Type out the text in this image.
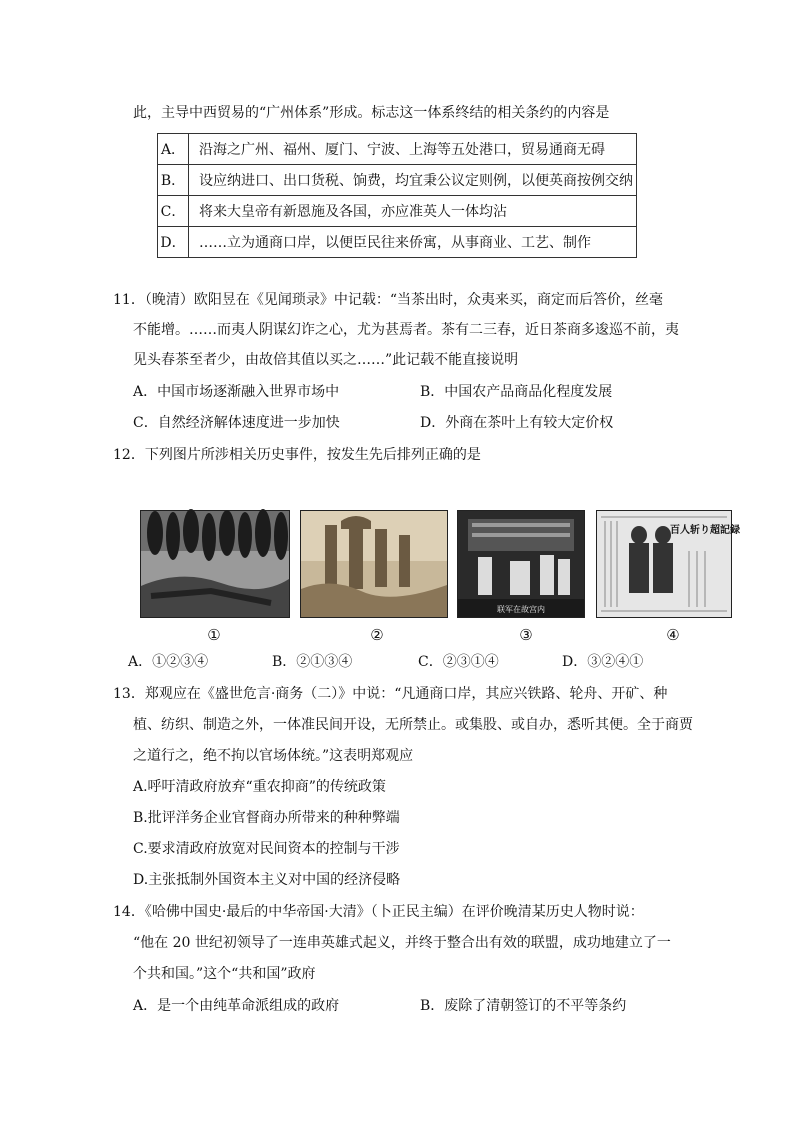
此，主导中西贸易的“广州体系”形成。标志这一体系终结的相关条约的内容是
A．	沿海之广州、福州、厦门、宁波、上海等五处港口，贸易通商无碍
B．	设应纳进口、出口货税、饷费，均宜秉公议定则例，以便英商按例交纳
C．	将来大皇帝有新恩施及各国，亦应准英人一体均沾
D．	……立为通商口岸，以便臣民往来侨寓，从事商业、工艺、制作
11．（晚清）欧阳昱在《见闻琐录》中记载：“当茶出时，众夷来买，商定而后答价，丝毫
不能增。……而夷人阴谋幻诈之心，尤为甚焉者。茶有二三春，近日茶商多逡巡不前，夷
见头春茶至者少，由故倍其值以买之……”此记载不能直接说明
A．中国市场逐渐融入世界市场中	B．中国农产品商品化程度发展
C．自然经济解体速度进一步加快	D．外商在茶叶上有较大定价权
12．下列图片所涉相关历史事件，按发生先后排列正确的是
联军在故宫内
百人斩り超記録
①	②	③	④
A．①②③④	B．②①③④	C．②③①④	D．③②④①
13．郑观应在《盛世危言·商务（二）》中说：“凡通商口岸，其应兴铁路、轮舟、开矿、种
植、纺织、制造之外，一体准民间开设，无所禁止。或集股、或自办，悉听其便。全于商贾
之道行之，绝不拘以官场体统。”这表明郑观应
A.呼吁清政府放弃“重农抑商”的传统政策
B.批评洋务企业官督商办所带来的种种弊端
C.要求清政府放宽对民间资本的控制与干涉
D.主张抵制外国资本主义对中国的经济侵略
14．《哈佛中国史·最后的中华帝国·大清》（卜正民主编）在评价晚清某历史人物时说：
“他在 20 世纪初领导了一连串英雄式起义，并终于整合出有效的联盟，成功地建立了一
个共和国。”这个“共和国”政府
A．是一个由纯革命派组成的政府	B．废除了清朝签订的不平等条约
